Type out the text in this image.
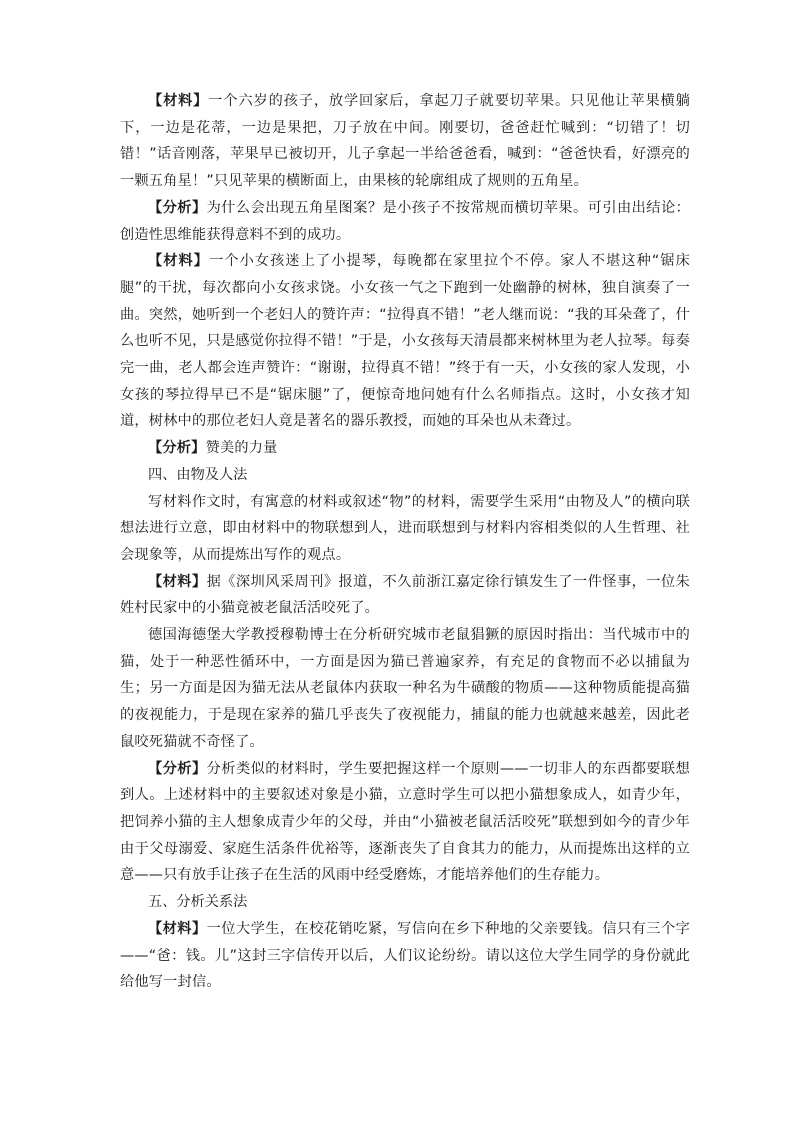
【材料】一个六岁的孩子，放学回家后，拿起刀子就要切苹果。只见他让苹果横躺下，一边是花蒂，一边是果把，刀子放在中间。刚要切，爸爸赶忙喊到：“切错了！切错！”话音刚落，苹果早已被切开，儿子拿起一半给爸爸看，喊到：“爸爸快看，好漂亮的一颗五角星！”只见苹果的横断面上，由果核的轮廓组成了规则的五角星。

【分析】为什么会出现五角星图案？是小孩子不按常规而横切苹果。可引由出结论：创造性思维能获得意料不到的成功。

【材料】一个小女孩迷上了小提琴，每晚都在家里拉个不停。家人不堪这种“锯床腿”的干扰，每次都向小女孩求饶。小女孩一气之下跑到一处幽静的树林，独自演奏了一曲。突然，她听到一个老妇人的赞许声：“拉得真不错！”老人继而说：“我的耳朵聋了，什么也听不见，只是感觉你拉得不错！”于是，小女孩每天清晨都来树林里为老人拉琴。每奏完一曲，老人都会连声赞许：“谢谢，拉得真不错！”终于有一天，小女孩的家人发现，小女孩的琴拉得早已不是“锯床腿”了，便惊奇地问她有什么名师指点。这时，小女孩才知道，树林中的那位老妇人竟是著名的器乐教授，而她的耳朵也从未聋过。

【分析】赞美的力量

四、由物及人法

写材料作文时，有寓意的材料或叙述“物”的材料，需要学生采用“由物及人”的横向联想法进行立意，即由材料中的物联想到人，进而联想到与材料内容相类似的人生哲理、社会现象等，从而提炼出写作的观点。

【材料】据《深圳风采周刊》报道，不久前浙江嘉定徐行镇发生了一件怪事，一位朱姓村民家中的小猫竟被老鼠活活咬死了。

德国海德堡大学教授穆勒博士在分析研究城市老鼠猖獗的原因时指出：当代城市中的猫，处于一种恶性循环中，一方面是因为猫已普遍家养，有充足的食物而不必以捕鼠为生；另一方面是因为猫无法从老鼠体内获取一种名为牛磺酸的物质——这种物质能提高猫的夜视能力，于是现在家养的猫几乎丧失了夜视能力，捕鼠的能力也就越来越差，因此老鼠咬死猫就不奇怪了。

【分析】分析类似的材料时，学生要把握这样一个原则——一切非人的东西都要联想到人。上述材料中的主要叙述对象是小猫，立意时学生可以把小猫想象成人，如青少年，把饲养小猫的主人想象成青少年的父母，并由“小猫被老鼠活活咬死”联想到如今的青少年由于父母溺爱、家庭生活条件优裕等，逐渐丧失了自食其力的能力，从而提炼出这样的立意——只有放手让孩子在生活的风雨中经受磨炼，才能培养他们的生存能力。

五、分析关系法

【材料】一位大学生，在校花销吃紧，写信向在乡下种地的父亲要钱。信只有三个字——“爸：钱。儿”这封三字信传开以后，人们议论纷纷。请以这位大学生同学的身份就此给他写一封信。
